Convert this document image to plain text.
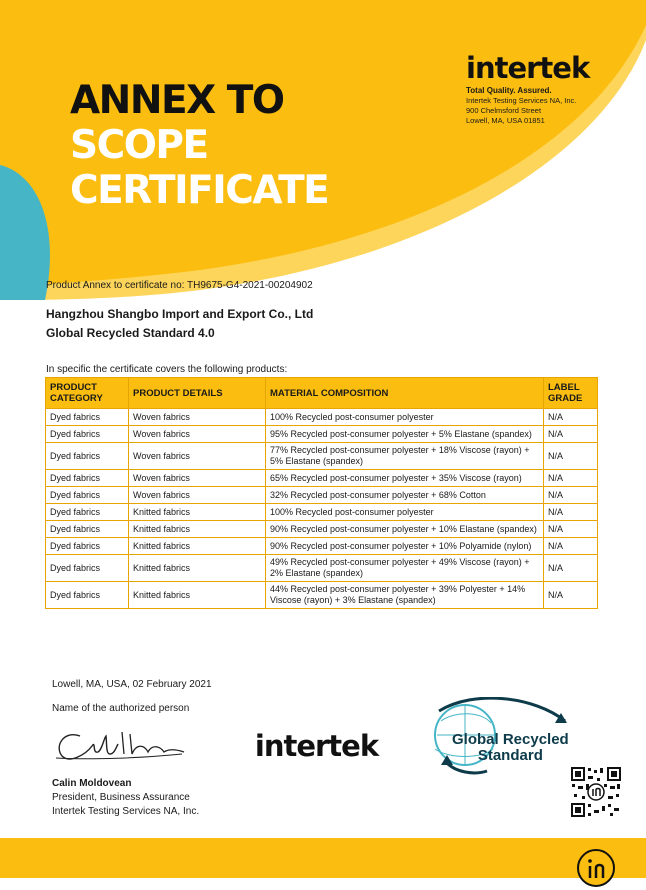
ANNEX TO
SCOPE
CERTIFICATE
intertek
Total Quality. Assured.
Intertek Testing Services NA, Inc.
900 Chelmsford Street
Lowell, MA, USA 01851
Product Annex to certificate no: TH9675-G4-2021-00204902
Hangzhou Shangbo Import and Export Co., Ltd
Global Recycled Standard 4.0
In specific the certificate covers the following products:
PRODUCT CATEGORY	PRODUCT DETAILS	MATERIAL COMPOSITION	LABEL GRADE
Dyed fabrics	Woven fabrics	100% Recycled post-consumer polyester	N/A
Dyed fabrics	Woven fabrics	95% Recycled post-consumer polyester + 5% Elastane (spandex)	N/A
Dyed fabrics	Woven fabrics	77% Recycled post-consumer polyester + 18% Viscose (rayon) + 5% Elastane (spandex)	N/A
Dyed fabrics	Woven fabrics	65% Recycled post-consumer polyester + 35% Viscose (rayon)	N/A
Dyed fabrics	Woven fabrics	32% Recycled post-consumer polyester + 68% Cotton	N/A
Dyed fabrics	Knitted fabrics	100% Recycled post-consumer polyester	N/A
Dyed fabrics	Knitted fabrics	90% Recycled post-consumer polyester + 10% Elastane (spandex)	N/A
Dyed fabrics	Knitted fabrics	90% Recycled post-consumer polyester + 10% Polyamide (nylon)	N/A
Dyed fabrics	Knitted fabrics	49% Recycled post-consumer polyester + 49% Viscose (rayon) + 2% Elastane (spandex)	N/A
Dyed fabrics	Knitted fabrics	44% Recycled post-consumer polyester + 39% Polyester + 14% Viscose (rayon) + 3% Elastane (spandex)	N/A
Lowell, MA, USA, 02 February 2021
Name of the authorized person
Calin Moldovean
President, Business Assurance
Intertek Testing Services NA, Inc.
intertek	Global Recycled
Standard
